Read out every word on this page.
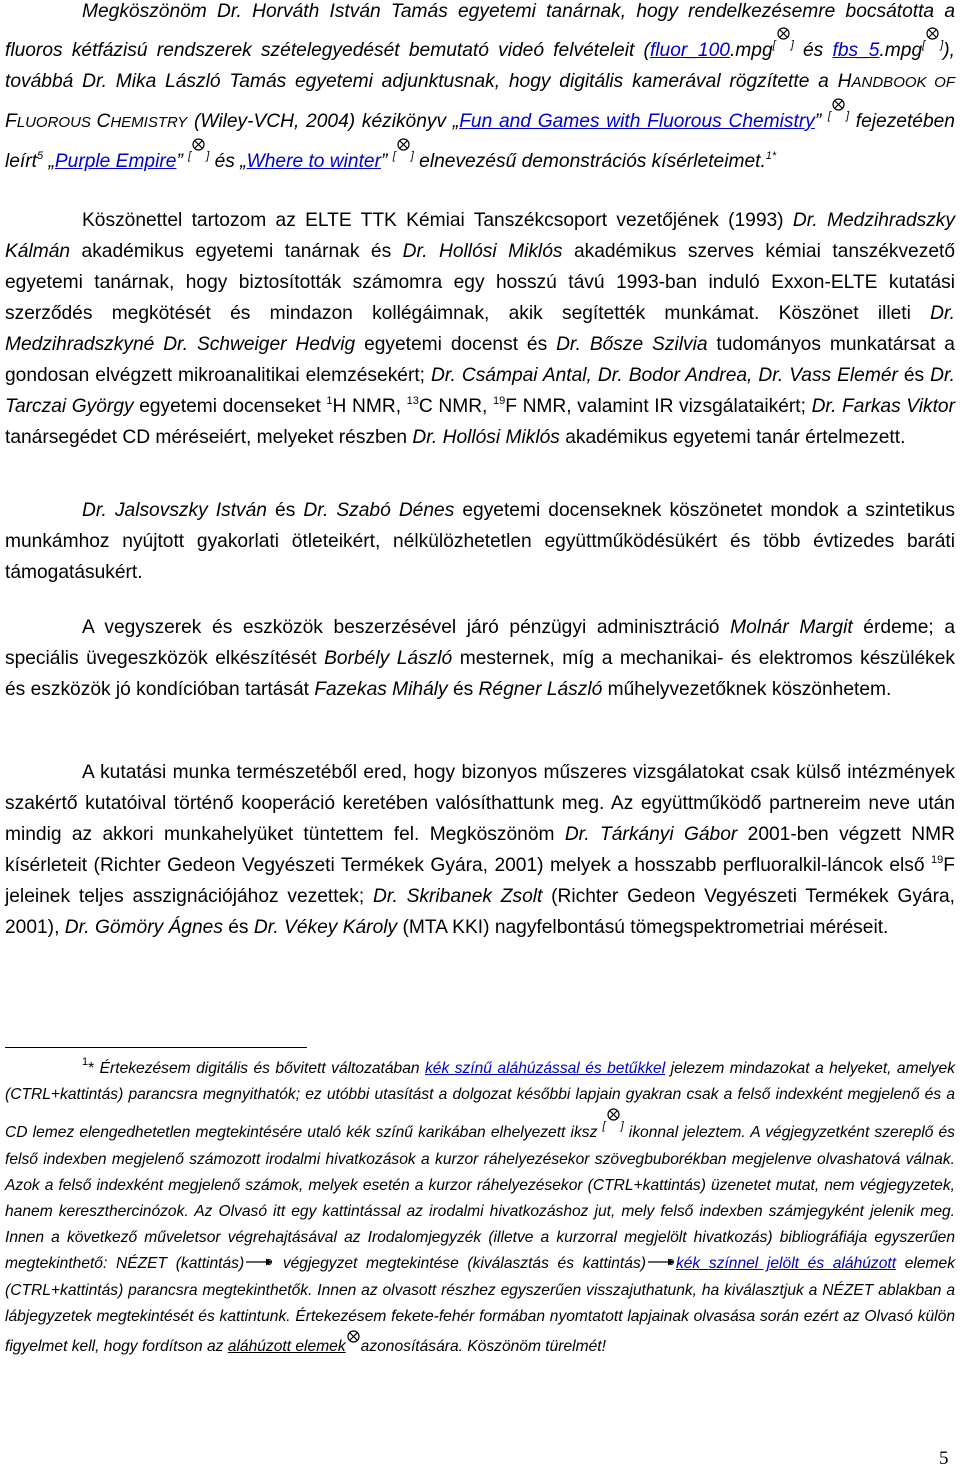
Megköszönöm Dr. Horváth István Tamás egyetemi tanárnak, hogy rendelkezésemre bocsátotta a fluoros kétfázisú rendszerek szételegyedését bemutató videó felvételeit (fluor_100.mpg[ ] és fbs_5.mpg[ ]), továbbá Dr. Mika László Tamás egyetemi adjunktusnak, hogy digitális kamerával rögzítette a HANDBOOK OF FLUOROUS CHEMISTRY (Wiley-VCH, 2004) kézikönyv „Fun and Games with Fluorous Chemistry” [ ] fejezetében leírt$^5$ „Purple Empire” [ ] és „Where to winter” [ ] elnevezésű demonstrációs kísérleteimet.$^{1*}$

Köszönettel tartozom az ELTE TTK Kémiai Tanszékcsoport vezetőjének (1993) Dr. Medzihradszky Kálmán akadémikus egyetemi tanárnak és Dr. Hollósi Miklós akadémikus szerves kémiai tanszékvezető egyetemi tanárnak, hogy biztosították számomra egy hosszú távú 1993-ban induló Exxon-ELTE kutatási szerződés megkötését és mindazon kollégáimnak, akik segítették munkámat. Köszönet illeti Dr. Medzihradszkyné Dr. Schweiger Hedvig egyetemi docenst és Dr. Bősze Szilvia tudományos munkatársat a gondosan elvégzett mikroanalitikai elemzésekért; Dr. Csámpai Antal, Dr. Bodor Andrea, Dr. Vass Elemér és Dr. Tarczai György egyetemi docenseket $^1$H NMR, $^{13}$C NMR, $^{19}$F NMR, valamint IR vizsgálataikért; Dr. Farkas Viktor tanársegédet CD méréseiért, melyeket részben Dr. Hollósi Miklós akadémikus egyetemi tanár értelmezett.

Dr. Jalsovszky István és Dr. Szabó Dénes egyetemi docenseknek köszönetet mondok a szintetikus munkámhoz nyújtott gyakorlati ötleteikért, nélkülözhetetlen együttműködésükért és több évtizedes baráti támogatásukért.

A vegyszerek és eszközök beszerzésével járó pénzügyi adminisztráció Molnár Margit érdeme; a speciális üvegeszközök elkészítését Borbély László mesternek, míg a mechanikai- és elektromos készülékek és eszközök jó kondícióban tartását Fazekas Mihály és Régner László műhelyvezetőknek köszönhetem.

A kutatási munka természetéből ered, hogy bizonyos műszeres vizsgálatokat csak külső intézmények szakértő kutatóival történő kooperáció keretében valósíthattunk meg. Az együttműködő partnereim neve után mindig az akkori munkahelyüket tüntettem fel. Megköszönöm Dr. Tárkányi Gábor 2001-ben végzett NMR kísérleteit (Richter Gedeon Vegyészeti Termékek Gyára, 2001) melyek a hosszabb perfluoralkil-láncok első $^{19}$F jeleinek teljes asszignációjához vezettek; Dr. Skribanek Zsolt (Richter Gedeon Vegyészeti Termékek Gyára, 2001), Dr. Gömöry Ágnes és Dr. Vékey Károly (MTA KKI) nagyfelbontású tömegspektrometriai méréseit.

$^1$* Értekezésem digitális és bővitett változatában kék színű aláhúzással és betűkkel jelezem mindazokat a helyeket, amelyek (CTRL+kattintás) parancsra megnyithatók; ez utóbbi utasítást a dolgozat későbbi lapjain gyakran csak a felső indexként megjelenő és a CD lemez elengedhetetlen megtekintésére utaló kék színű karikában elhelyezett iksz [ ] ikonnal jeleztem. A végjegyzetként szereplő és felső indexben megjelenő számozott irodalmi hivatkozások a kurzor ráhelyezésekor szövegbuborékban megjelenve olvashatová válnak. Azok a felső indexként megjelenő számok, melyek esetén a kurzor ráhelyezésekor (CTRL+kattintás) üzenetet mutat, nem végjegyzetek, hanem kereszthercinózok. Az Olvasó itt egy kattintással az irodalmi hivatkozáshoz jut, mely felső indexben számjegyként jelenik meg. Innen a következő műveletsor végrehajtásával az Irodalomjegyzék (illetve a kurzorral megjelölt hivatkozás) bibliográfiája egyszerűen megtekinthető: NÉZET (kattintás)
végjegyzet megtekintése (kiválasztás és kattintás) kék színnel jelölt és aláhúzott elemek (CTRL+kattintás) parancsra megtekinthetők. Innen az olvasott részhez egyszerűen visszajuthatunk, ha kiválasztjuk a NÉZET ablakban a lábjegyzetek megtekintését és kattintunk. Értekezésem fekete-fehér formában nyomtatott lapjainak olvasása során ezért az Olvasó külön figyelmet kell, hogy fordítson az aláhúzott elemek azonosítására. Köszönöm türelmét!
5
